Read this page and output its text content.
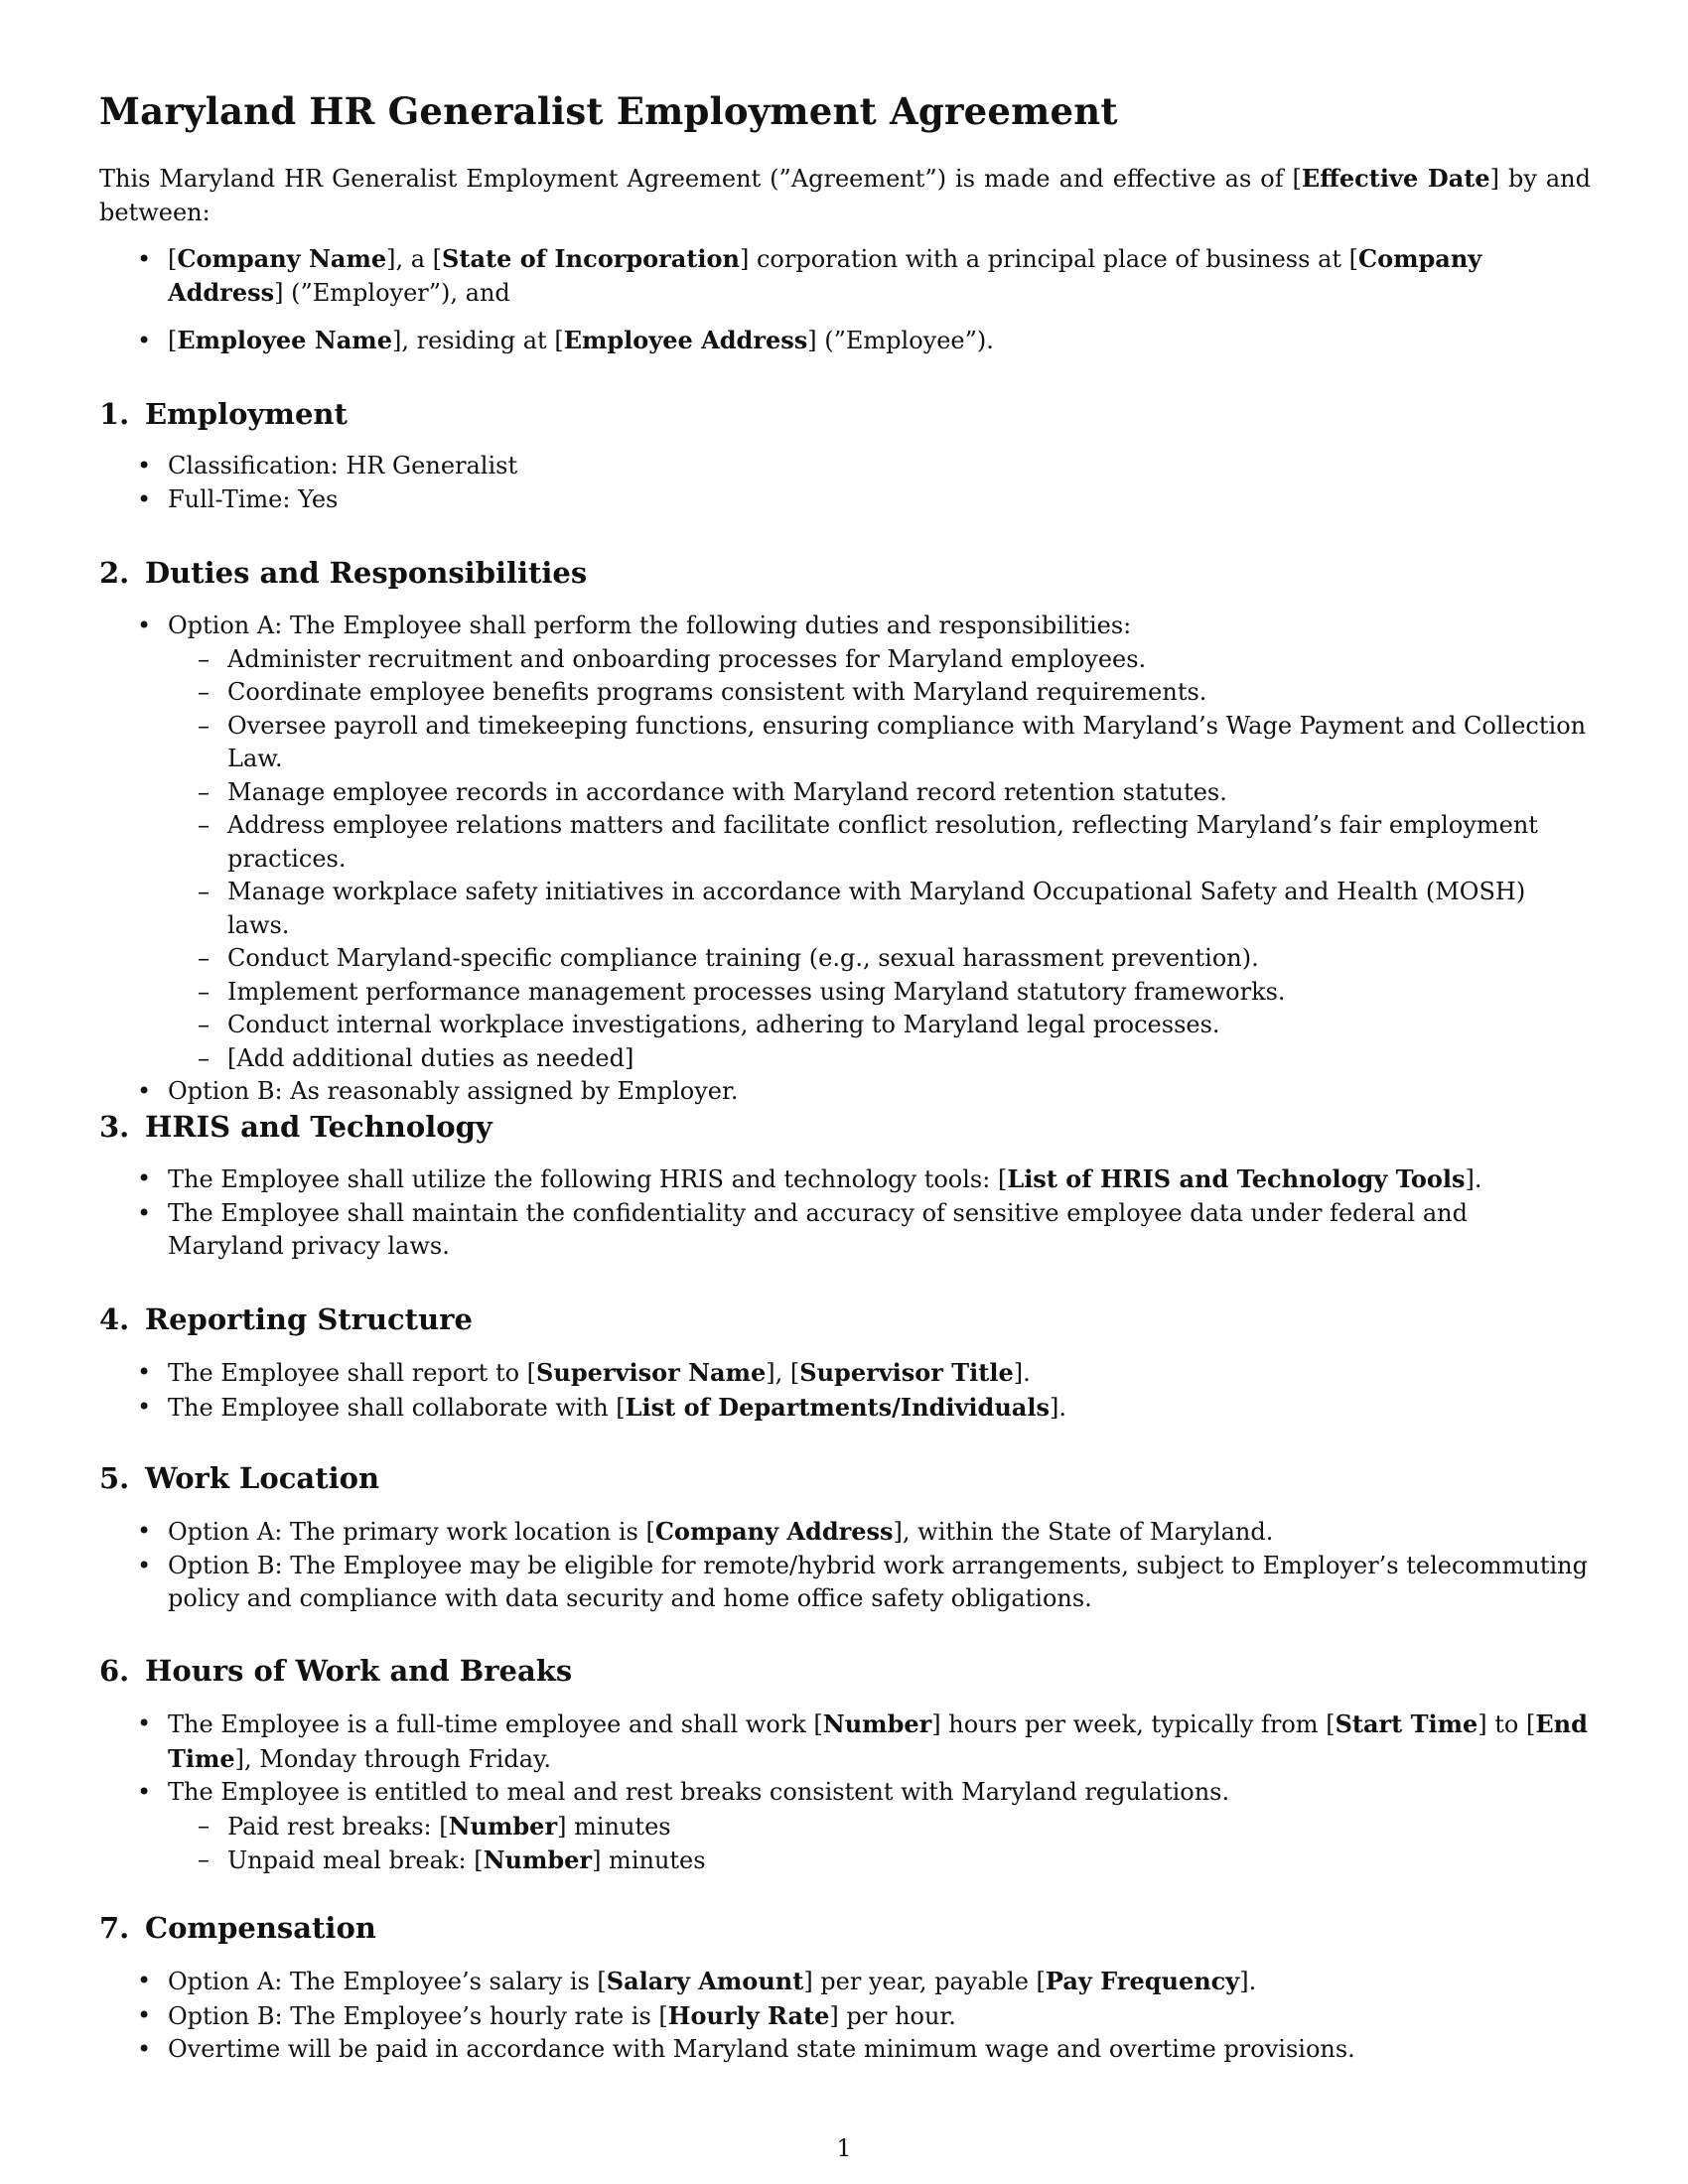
Maryland HR Generalist Employment Agreement

This Maryland HR Generalist Employment Agreement (”Agreement”) is made and effective as of [Effective Date] by and between:

• [Company Name], a [State of Incorporation] corporation with a principal place of business at [Company Address] (”Employer”), and
• [Employee Name], residing at [Employee Address] (”Employee”).
1. Employment
• Classification: HR Generalist
• Full-Time: Yes
2. Duties and Responsibilities
• Option A: The Employee shall perform the following duties and responsibilities:
– Administer recruitment and onboarding processes for Maryland employees.
– Coordinate employee benefits programs consistent with Maryland requirements.
– Oversee payroll and timekeeping functions, ensuring compliance with Maryland’s Wage Payment and Collection Law.
– Manage employee records in accordance with Maryland record retention statutes.
– Address employee relations matters and facilitate conflict resolution, reflecting Maryland’s fair employment practices.
– Manage workplace safety initiatives in accordance with Maryland Occupational Safety and Health (MOSH) laws.
– Conduct Maryland-specific compliance training (e.g., sexual harassment prevention).
– Implement performance management processes using Maryland statutory frameworks.
– Conduct internal workplace investigations, adhering to Maryland legal processes.
– [Add additional duties as needed]
• Option B: As reasonably assigned by Employer.
3. HRIS and Technology
• The Employee shall utilize the following HRIS and technology tools: [List of HRIS and Technology Tools].
• The Employee shall maintain the confidentiality and accuracy of sensitive employee data under federal and Maryland privacy laws.
4. Reporting Structure
• The Employee shall report to [Supervisor Name], [Supervisor Title].
• The Employee shall collaborate with [List of Departments/Individuals].
5. Work Location
• Option A: The primary work location is [Company Address], within the State of Maryland.
• Option B: The Employee may be eligible for remote/hybrid work arrangements, subject to Employer’s telecommuting policy and compliance with data security and home office safety obligations.
6. Hours of Work and Breaks
• The Employee is a full-time employee and shall work [Number] hours per week, typically from [Start Time] to [End Time], Monday through Friday.
• The Employee is entitled to meal and rest breaks consistent with Maryland regulations.
– Paid rest breaks: [Number] minutes
– Unpaid meal break: [Number] minutes
7. Compensation
• Option A: The Employee’s salary is [Salary Amount] per year, payable [Pay Frequency].
• Option B: The Employee’s hourly rate is [Hourly Rate] per hour.
• Overtime will be paid in accordance with Maryland state minimum wage and overtime provisions.
1
